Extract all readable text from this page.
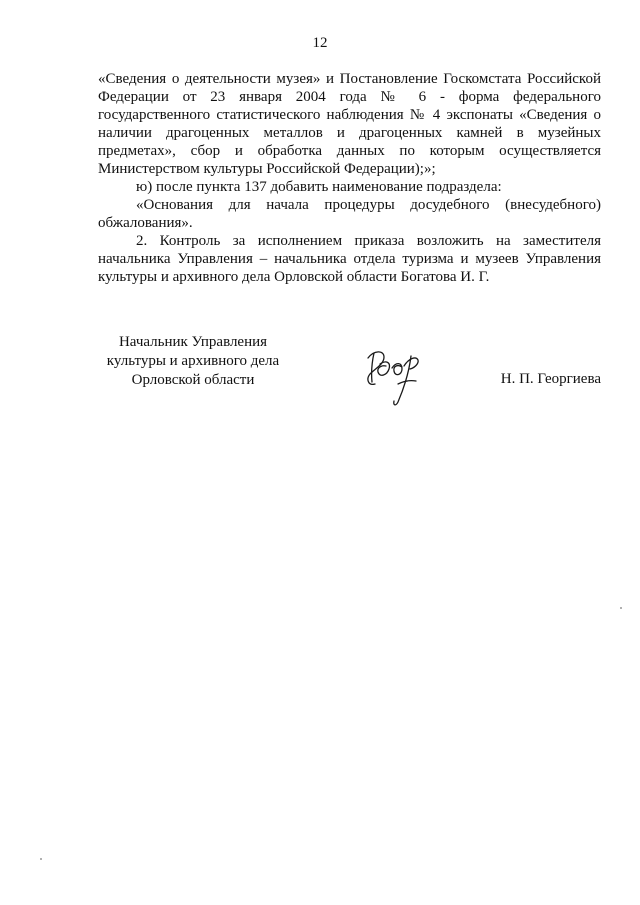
12

«Сведения о деятельности музея» и Постановление Госкомстата Российской Федерации от 23 января 2004 года № 6 - форма федерального государственного статистического наблюдения № 4 экспонаты «Сведения о наличии драгоценных металлов и драгоценных камней в музейных предметах», сбор и обработка данных по которым осуществляется Министерством культуры Российской Федерации);»;

ю) после пункта 137 добавить наименование подраздела:

«Основания для начала процедуры досудебного (внесудебного) обжалования».

2. Контроль за исполнением приказа возложить на заместителя начальника Управления – начальника отдела туризма и музеев Управления культуры и архивного дела Орловской области Богатова И. Г.

Начальник Управления
культуры и архивного дела
Орловской области	Н. П. Георгиева
